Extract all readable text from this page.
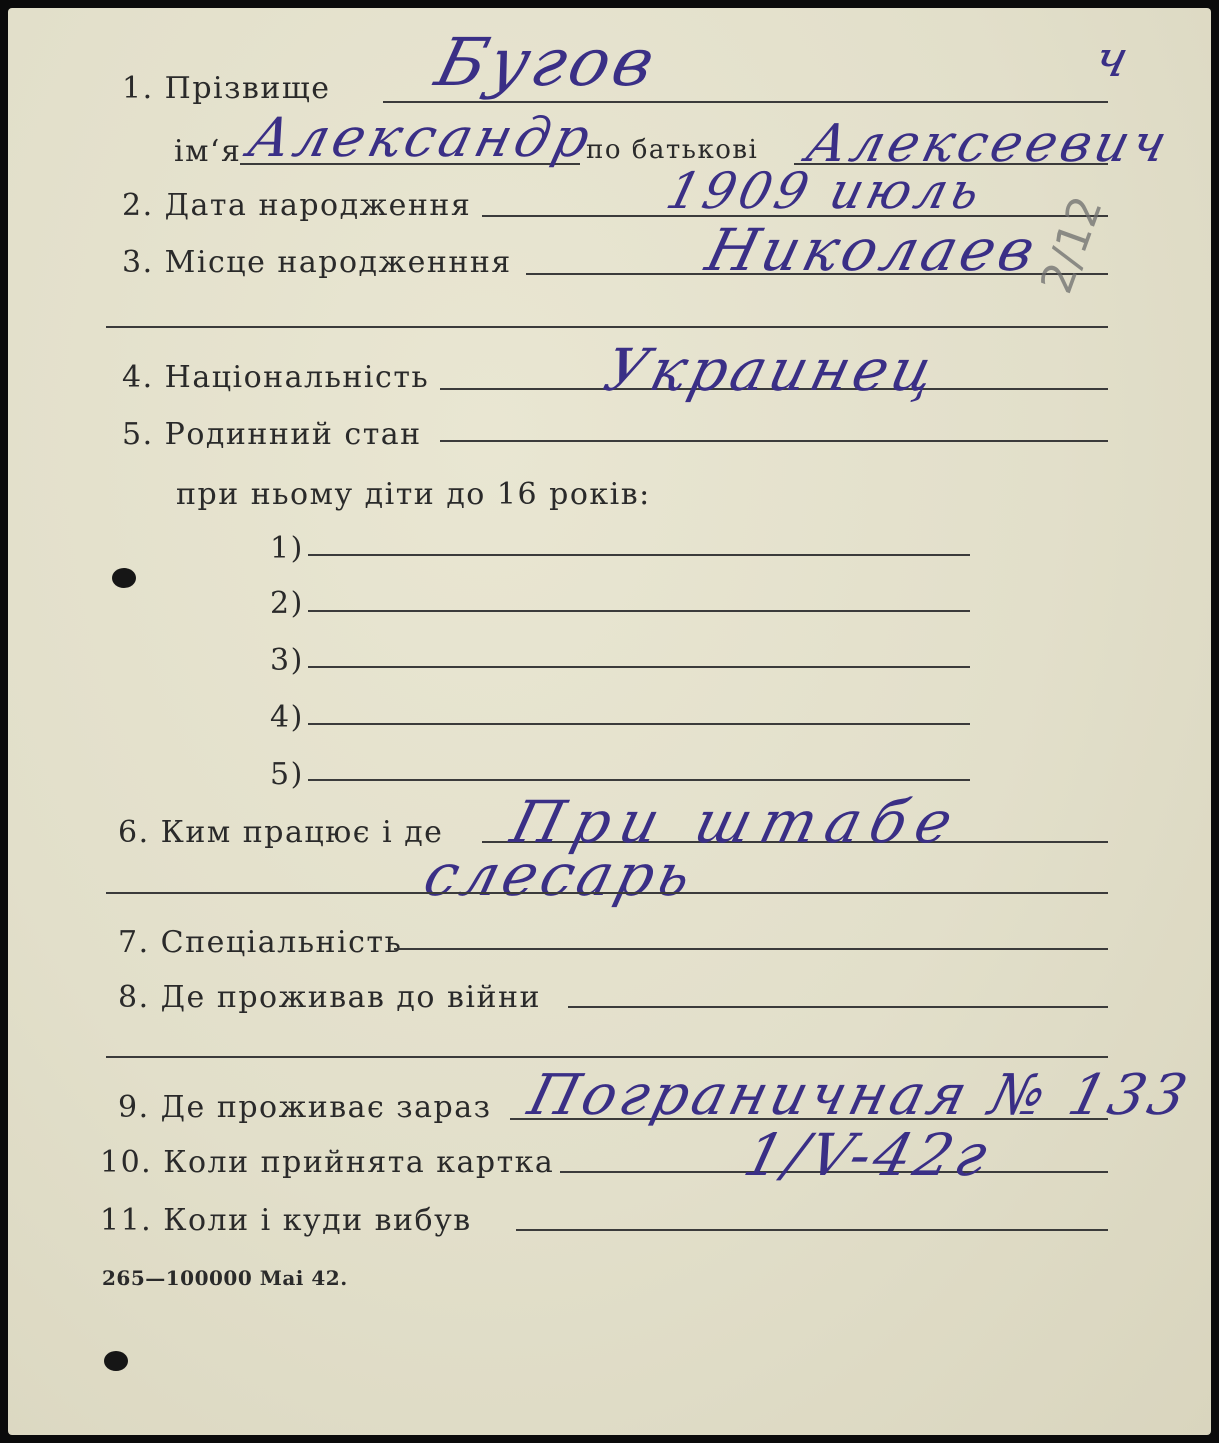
1. Прізвище Бугов	ч
ім‘я Александр
по батькові Алексеевич
2. Дата народження	1909 июль
3. Місце народженння	Николаев
2/12
4. Національність	Украинец
5. Родинний стан
при ньому діти до 16 років:
1)
2)
3)
4)
5)
6. Ким працює і де При штабе
слесарь
7. Спеціальність
8. Де проживав до війни
9. Де проживає зараз Пограничная № 133
10. Коли прийнята картка	1/V-42г
11. Коли і куди вибув
265—100000 Mai 42.
